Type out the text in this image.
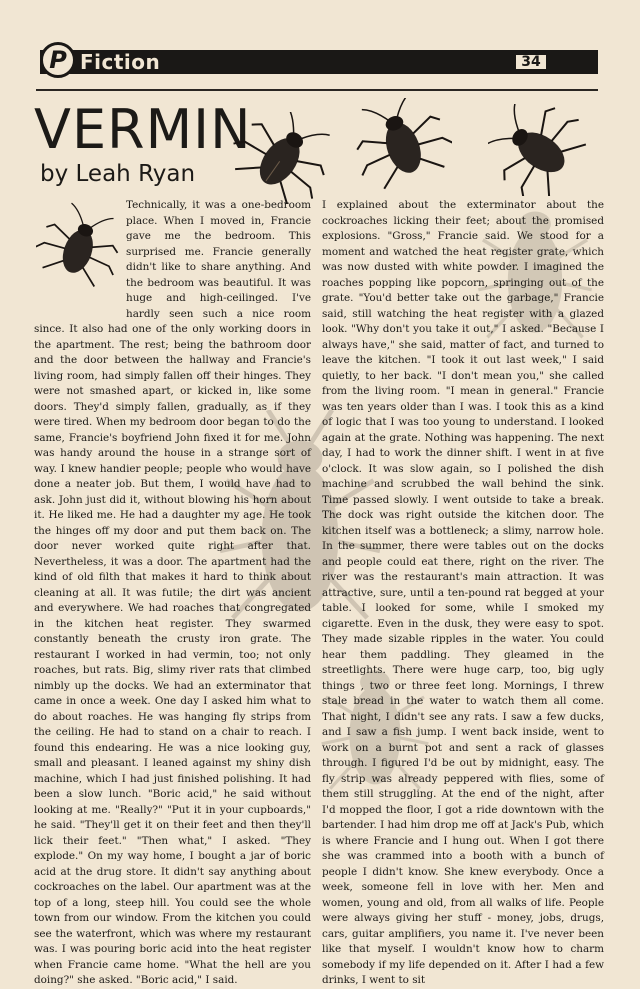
P Fiction	34
VERMIN
by Leah Ryan

Technically, it was a one-bedroom place. When I moved in, Francie gave me the bedroom. This surprised me. Francie generally didn't like to share anything. And the bedroom was beautiful. It was huge and high-ceilinged. I've hardly seen such a nice room since. It also had one of the only working doors in the apartment. The rest; being the bathroom door and the door between the hallway and Francie's living room, had simply fallen off their hinges. They were not smashed apart, or kicked in, like some doors. They'd simply fallen, gradually, as if they were tired. When my bedroom door began to do the same, Francie's boyfriend John fixed it for me. John was handy around the house in a strange sort of way. I knew handier people; people who would have done a neater job. But them, I would have had to ask. John just did it, without blowing his horn about it. He liked me. He had a daughter my age. He took the hinges off my door and put them back on. The door never worked quite right after that. Nevertheless, it was a door. The apartment had the kind of old filth that makes it hard to think about cleaning at all. It was futile; the dirt was ancient and everywhere. We had roaches that congregated in the kitchen heat register. They swarmed constantly beneath the crusty iron grate. The restaurant I worked in had vermin, too; not only roaches, but rats. Big, slimy river rats that climbed nimbly up the docks. We had an exterminator that came in once a week. One day I asked him what to do about roaches. He was hanging fly strips from the ceiling. He had to stand on a chair to reach. I found this endearing. He was a nice looking guy, small and pleasant. I leaned against my shiny dish machine, which I had just finished polishing. It had been a slow lunch. "Boric acid," he said without looking at me. "Really?" "Put it in your cupboards," he said. "They'll get it on their feet and then they'll lick their feet." "Then what," I asked. "They explode." On my way home, I bought a jar of boric acid at the drug store. It didn't say anything about cockroaches on the label. Our apartment was at the top of a long, steep hill. You could see the whole town from our window. From the kitchen you could see the waterfront, which was where my restaurant was. I was pouring boric acid into the heat register when Francie came home. "What the hell are you doing?" she asked. "Boric acid," I said.

I explained about the exterminator about the cockroaches licking their feet; about the promised explosions. "Gross," Francie said. We stood for a moment and watched the heat register grate, which was now dusted with white powder. I imagined the roaches popping like popcorn, springing out of the grate. "You'd better take out the garbage," Francie said, still watching the heat register with a glazed look. "Why don't you take it out," I asked. "Because I always have," she said, matter of fact, and turned to leave the kitchen. "I took it out last week," I said quietly, to her back. "I don't mean you," she called from the living room. "I mean in general." Francie was ten years older than I was. I took this as a kind of logic that I was too young to understand. I looked again at the grate. Nothing was happening. The next day, I had to work the dinner shift. I went in at five o'clock. It was slow again, so I polished the dish machine and scrubbed the wall behind the sink. Time passed slowly. I went outside to take a break. The dock was right outside the kitchen door. The kitchen itself was a bottleneck; a slimy, narrow hole. In the summer, there were tables out on the docks and people could eat there, right on the river. The river was the restaurant's main attraction. It was attractive, sure, until a ten-pound rat begged at your table. I looked for some, while I smoked my cigarette. Even in the dusk, they were easy to spot. They made sizable ripples in the water. You could hear them paddling. They gleamed in the streetlights. There were huge carp, too, big ugly things , two or three feet long. Mornings, I threw stale bread in the water to watch them all come. That night, I didn't see any rats. I saw a few ducks, and I saw a fish jump. I went back inside, went to work on a burnt pot and sent a rack of glasses through. I figured I'd be out by midnight, easy. The fly strip was already peppered with flies, some of them still struggling. At the end of the night, after I'd mopped the floor, I got a ride downtown with the bartender. I had him drop me off at Jack's Pub, which is where Francie and I hung out. When I got there she was crammed into a booth with a bunch of people I didn't know. She knew everybody. Once a week, someone fell in love with her. Men and women, young and old, from all walks of life. People were always giving her stuff - money, jobs, drugs, cars, guitar amplifiers, you name it. I've never been like that myself. I wouldn't know how to charm somebody if my life depended on it. After I had a few drinks, I went to sit
